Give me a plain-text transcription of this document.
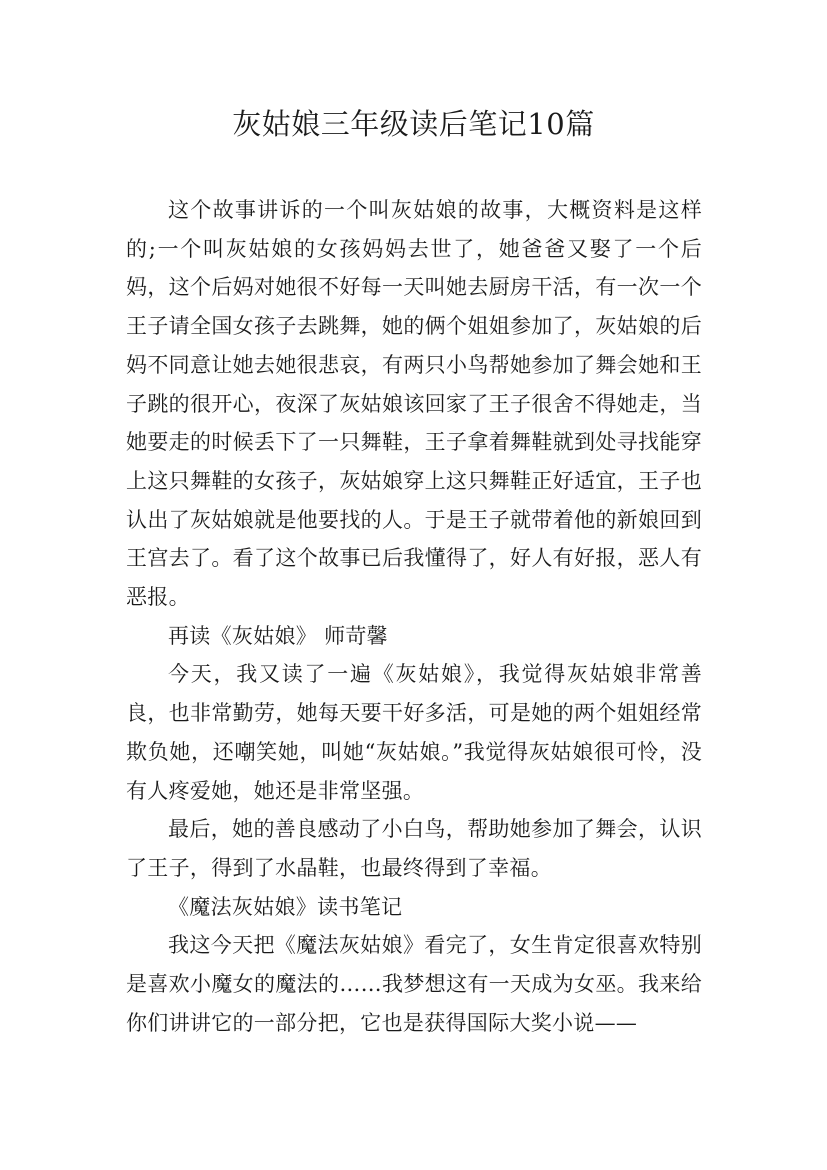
灰姑娘三年级读后笔记10篇

这个故事讲诉的一个叫灰姑娘的故事，大概资料是这样的;一个叫灰姑娘的女孩妈妈去世了，她爸爸又娶了一个后妈，这个后妈对她很不好每一天叫她去厨房干活，有一次一个王子请全国女孩子去跳舞，她的俩个姐姐参加了，灰姑娘的后妈不同意让她去她很悲哀，有两只小鸟帮她参加了舞会她和王子跳的很开心，夜深了灰姑娘该回家了王子很舍不得她走，当她要走的时候丢下了一只舞鞋，王子拿着舞鞋就到处寻找能穿上这只舞鞋的女孩子，灰姑娘穿上这只舞鞋正好适宜，王子也认出了灰姑娘就是他要找的人。于是王子就带着他的新娘回到王宫去了。看了这个故事已后我懂得了，好人有好报，恶人有恶报。

再读《灰姑娘》 师苛馨

今天，我又读了一遍《灰姑娘》，我觉得灰姑娘非常善良，也非常勤劳，她每天要干好多活，可是她的两个姐姐经常欺负她，还嘲笑她，叫她“灰姑娘。”我觉得灰姑娘很可怜，没有人疼爱她，她还是非常坚强。

最后，她的善良感动了小白鸟，帮助她参加了舞会，认识了王子，得到了水晶鞋，也最终得到了幸福。

《魔法灰姑娘》读书笔记

我这今天把《魔法灰姑娘》看完了，女生肯定很喜欢特别是喜欢小魔女的魔法的……我梦想这有一天成为女巫。我来给你们讲讲它的一部分把，它也是获得国际大奖小说——
